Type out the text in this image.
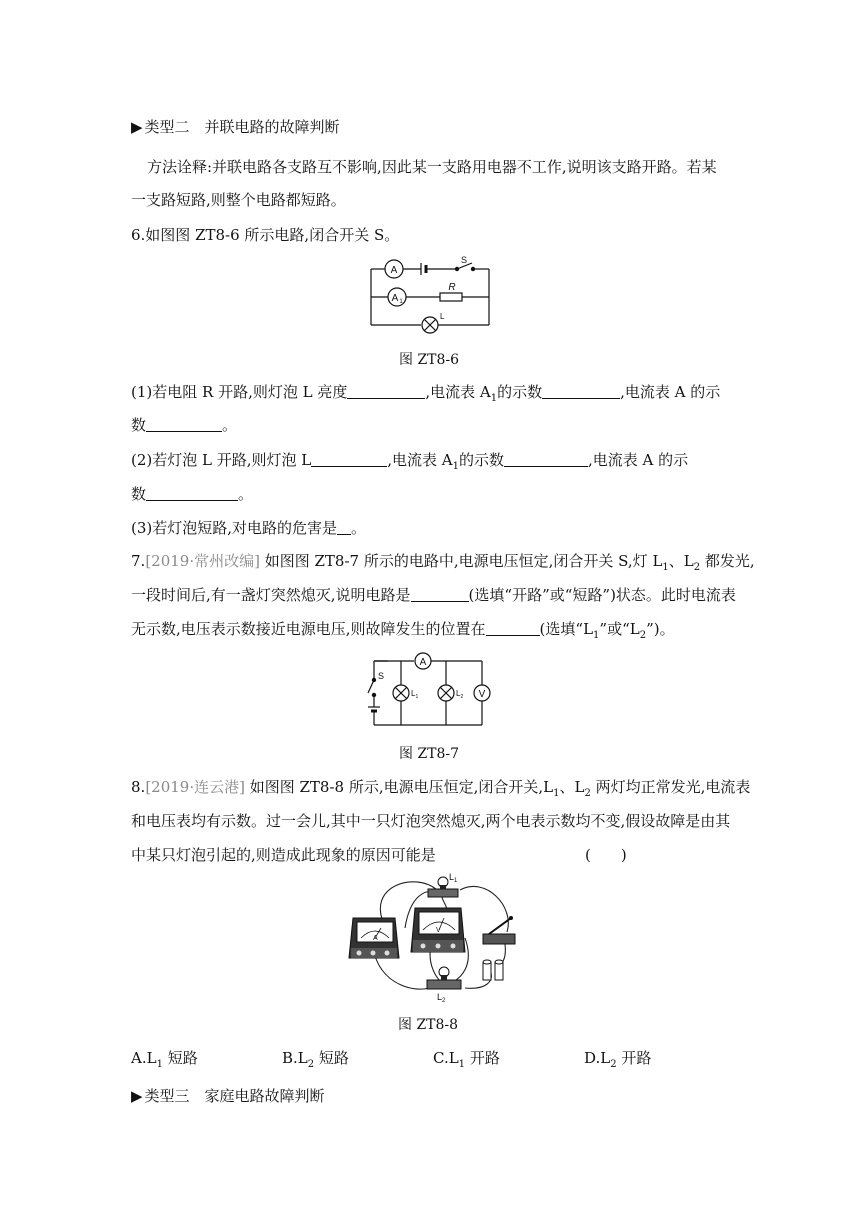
▶ 类型二　并联电路的故障判断
方法诠释:并联电路各支路互不影响,因此某一支路用电器不工作,说明该支路开路。若某
一支路短路,则整个电路都短路。
6.如图图 ZT8-6 所示电路,闭合开关 S。
A
A 1
S
R
L
图 ZT8-6
(1)若电阻 R 开路,则灯泡 L 亮度	,电流表 $A_1$的示数	,电流表 A 的示
数	。
(2)若灯泡 L 开路,则灯泡 L	,电流表 $A_1$的示数	,电流表 A 的示
数	。
(3)若灯泡短路,对电路的危害是 。
7.[2019·常州改编] 如图图 ZT8-7 所示的电路中,电源电压恒定,闭合开关 S,灯 $L_1$、$L_2$ 都发光,
一段时间后,有一盏灯突然熄灭,说明电路是	(选填“开路”或“短路”)状态。此时电流表
无示数,电压表示数接近电源电压,则故障发生的位置在	(选填“$L_1$”或“$L_2$”)。
A
V
S
$L_1$	$L_2$
图 ZT8-7
8.[2019·连云港] 如图图 ZT8-8 所示,电源电压恒定,闭合开关$,L_1$、$L_2$ 两灯均正常发光,电流表
和电压表均有示数。过一会儿,其中一只灯泡突然熄灭,两个电表示数均不变,假设故障是由其
中某只灯泡引起的,则造成此现象的原因可能是	(　　)
$L_1$
A
V
$L_2$
图 ZT8-8
$A.L_1$ 短路	$B.L_2$ 短路	$C.L_1$ 开路	$D.L_2$ 开路
▶ 类型三　家庭电路故障判断
